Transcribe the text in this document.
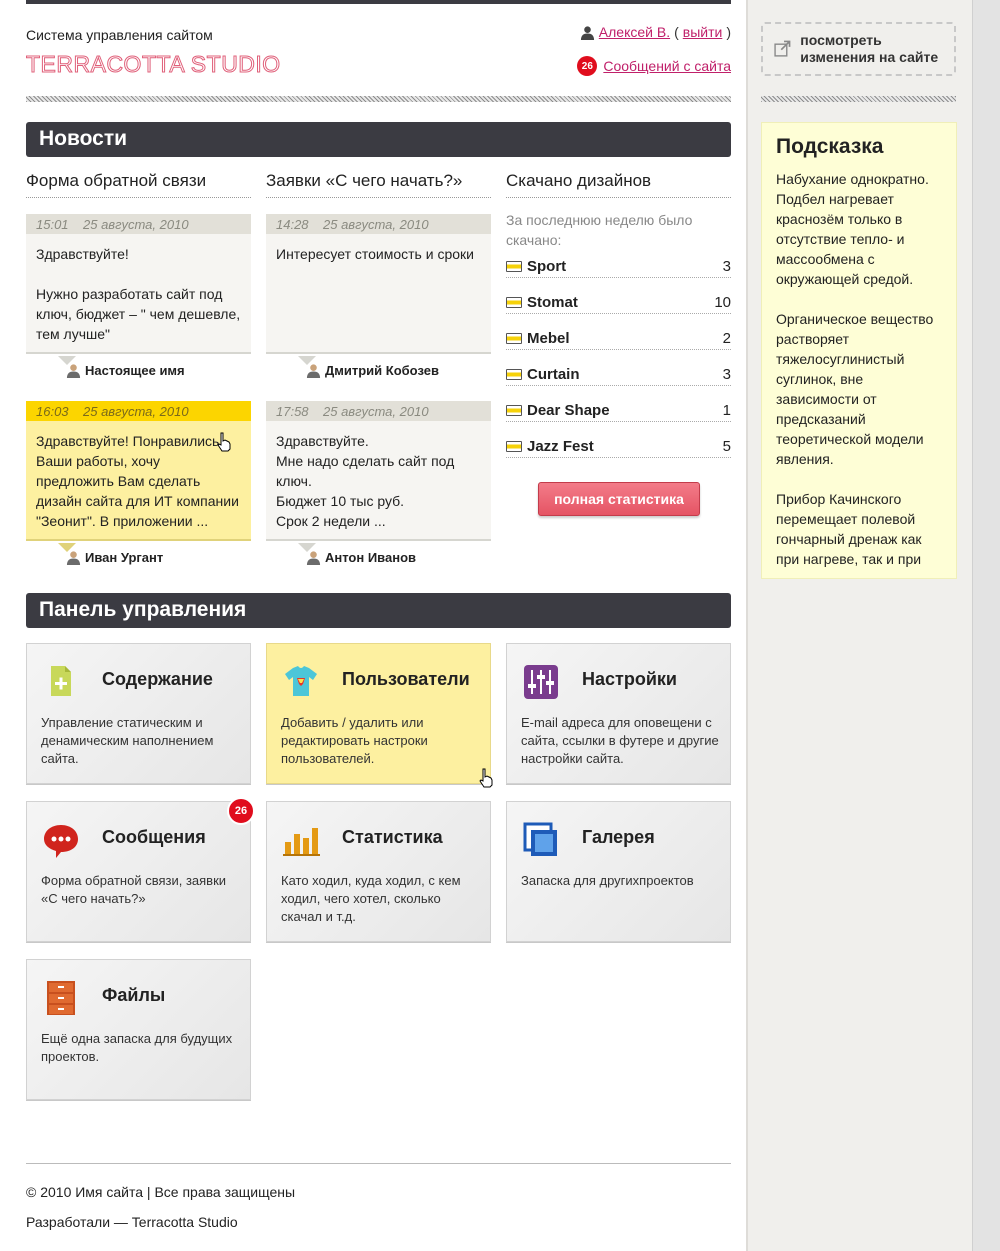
Система управления сайтом
TERRACOTTA STUDIO
Алексей В. ( выйти )
26 Сообщений с сайта
Новости
Форма обратной связи	Заявки «С чего начать?»	Скачано дизайнов
15:01 25 августа, 2010
Здравствуйте!

Нужно разработать сайт под ключ, бюджет – " чем дешевле, тем лучше"
Настоящее имя
14:28 25 августа, 2010
Интересует стоимость и сроки
Дмитрий Кобозев
16:03 25 августа, 2010
Здравствуйте! Понравились Ваши работы, хочу предложить Вам сделать дизайн сайта для ИТ компании "Зеонит". В приложении ...
Иван Ургант
17:58 25 августа, 2010
Здравствуйте.
Мне надо сделать сайт под ключ.
Бюджет 10 тыс руб.
Срок 2 недели ...
Антон Иванов
За последнюю неделю было скачано:
Sport	3
Stomat	10
Mebel	2
Curtain	3
Dear Shape	1
Jazz Fest	5
полная статистика
Панель управления
Содержание
Управление статическим и денамическим наполнением сайта.
Пользователи
Добавить / удалить или редактировать настроки пользователей.
Настройки
E-mail адреса для оповещени с сайта, ссылки в футере и другие настройки сайта.
Сообщения
Форма обратной связи, заявки «С чего начать?»
26
Статистика
Като ходил, куда ходил, с кем ходил, чего хотел, сколько скачал и т.д.
Галерея
Запаска для другихпроектов
Файлы
Ещё одна запаска для будущих проектов.
© 2010 Имя сайта | Все права защищены
Разработали — Terracotta Studio
посмотреть изменения на сайте
Подсказка

Набухание однократно. Подбел нагревает краснозём только в отсутствие тепло- и массообмена с окружающей средой.

Органическое вещество растворяет тяжелосуглинистый суглинок, вне зависимости от предсказаний теоретической модели явления.

Прибор Качинского перемещает полевой гончарный дренаж как при нагреве, так и при
